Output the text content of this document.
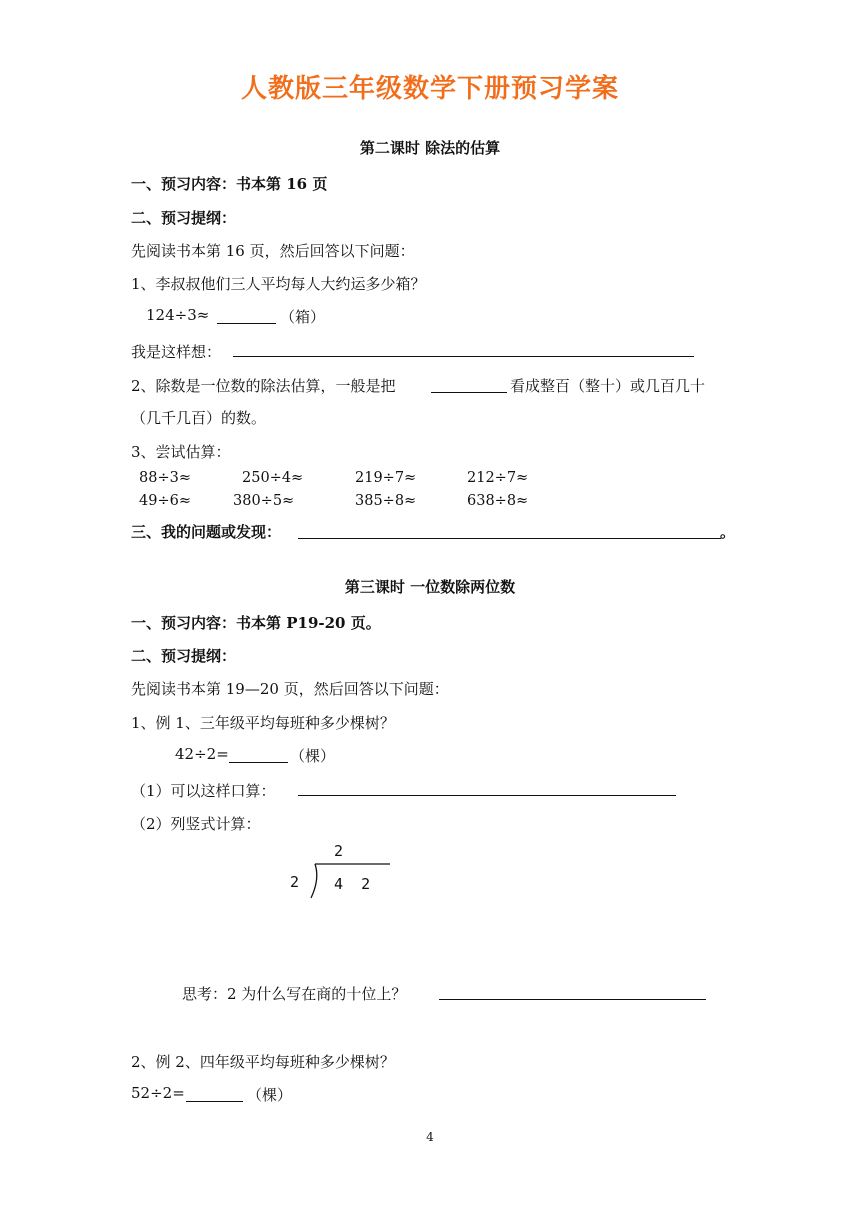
人教版三年级数学下册预习学案
第二课时 除法的估算
一、预习内容：书本第 16 页
二、预习提纲：
先阅读书本第 16 页，然后回答以下问题：
1、李叔叔他们三人平均每人大约运多少箱？
124÷3≈	（箱）
我是这样想：
2、除数是一位数的除法估算，一般是把	看成整百（整十）或几百几十
（几千几百）的数。
3、尝试估算：
88÷3≈	250÷4≈	219÷7≈	212÷7≈
49÷6≈	380÷5≈	385÷8≈	638÷8≈
三、我的问题或发现：	。
第三课时 一位数除两位数
一、预习内容：书本第 P19-20 页。
二、预习提纲：
先阅读书本第 19—20 页，然后回答以下问题：
1、例 1、三年级平均每班种多少棵树？
42÷2=	（棵）
（1）可以这样口算：
（2）列竖式计算：
2
2 4  2
思考：2 为什么写在商的十位上？
2、例 2、四年级平均每班种多少棵树？
52÷2=	（棵）
4
